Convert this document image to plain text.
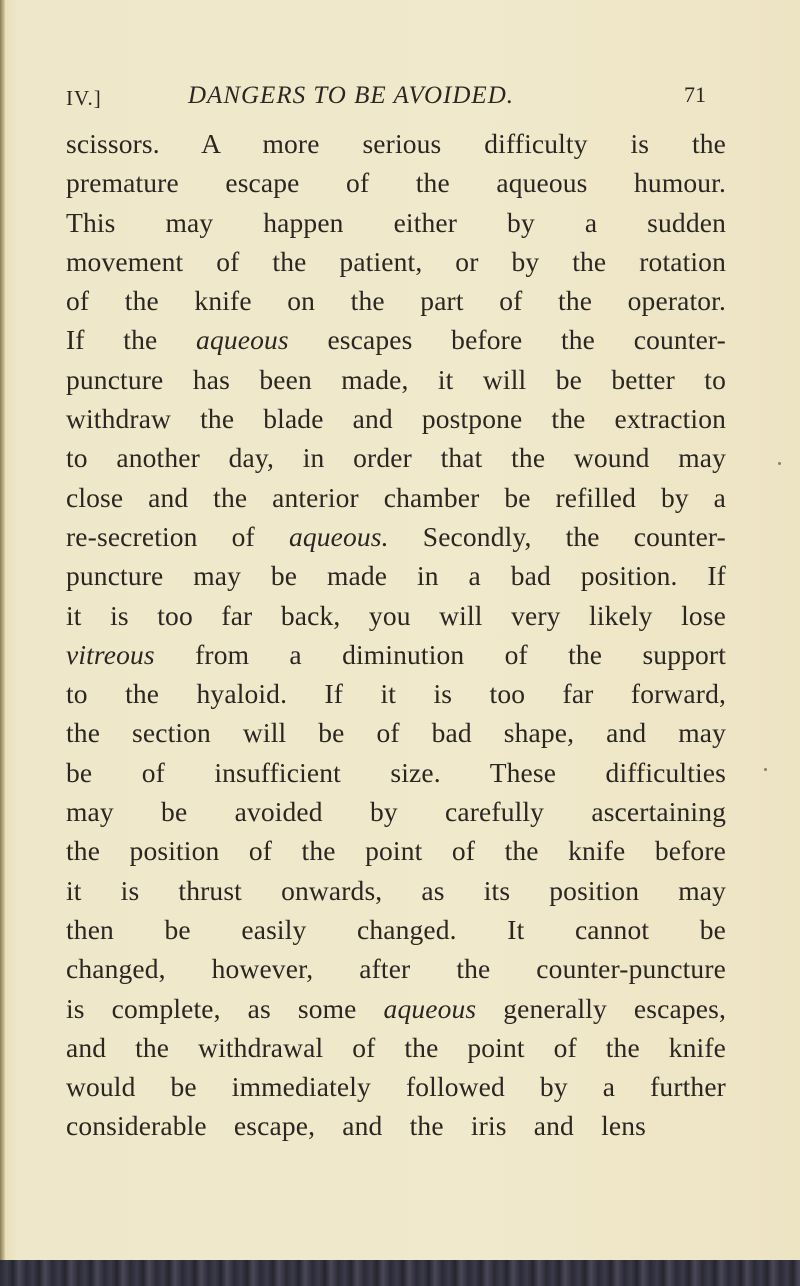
IV.]	DANGERS TO BE AVOIDED.	71
scissors. A more serious difficulty is the
premature escape of the aqueous humour.
This may happen either by a sudden
movement of the patient, or by the rotation
of the knife on the part of the operator.
If the aqueous escapes before the counter-
puncture has been made, it will be better to
withdraw the blade and postpone the extraction
to another day, in order that the wound may
close and the anterior chamber be refilled by a
re-secretion of aqueous. Secondly, the counter-
puncture may be made in a bad position. If
it is too far back, you will very likely lose
vitreous from a diminution of the support
to the hyaloid. If it is too far forward,
the section will be of bad shape, and may
be of insufficient size. These difficulties
may be avoided by carefully ascertaining
the position of the point of the knife before
it is thrust onwards, as its position may
then be easily changed. It cannot be
changed, however, after the counter-puncture
is complete, as some aqueous generally escapes,
and the withdrawal of the point of the knife
would be immediately followed by a further
considerable escape, and the iris and lens
